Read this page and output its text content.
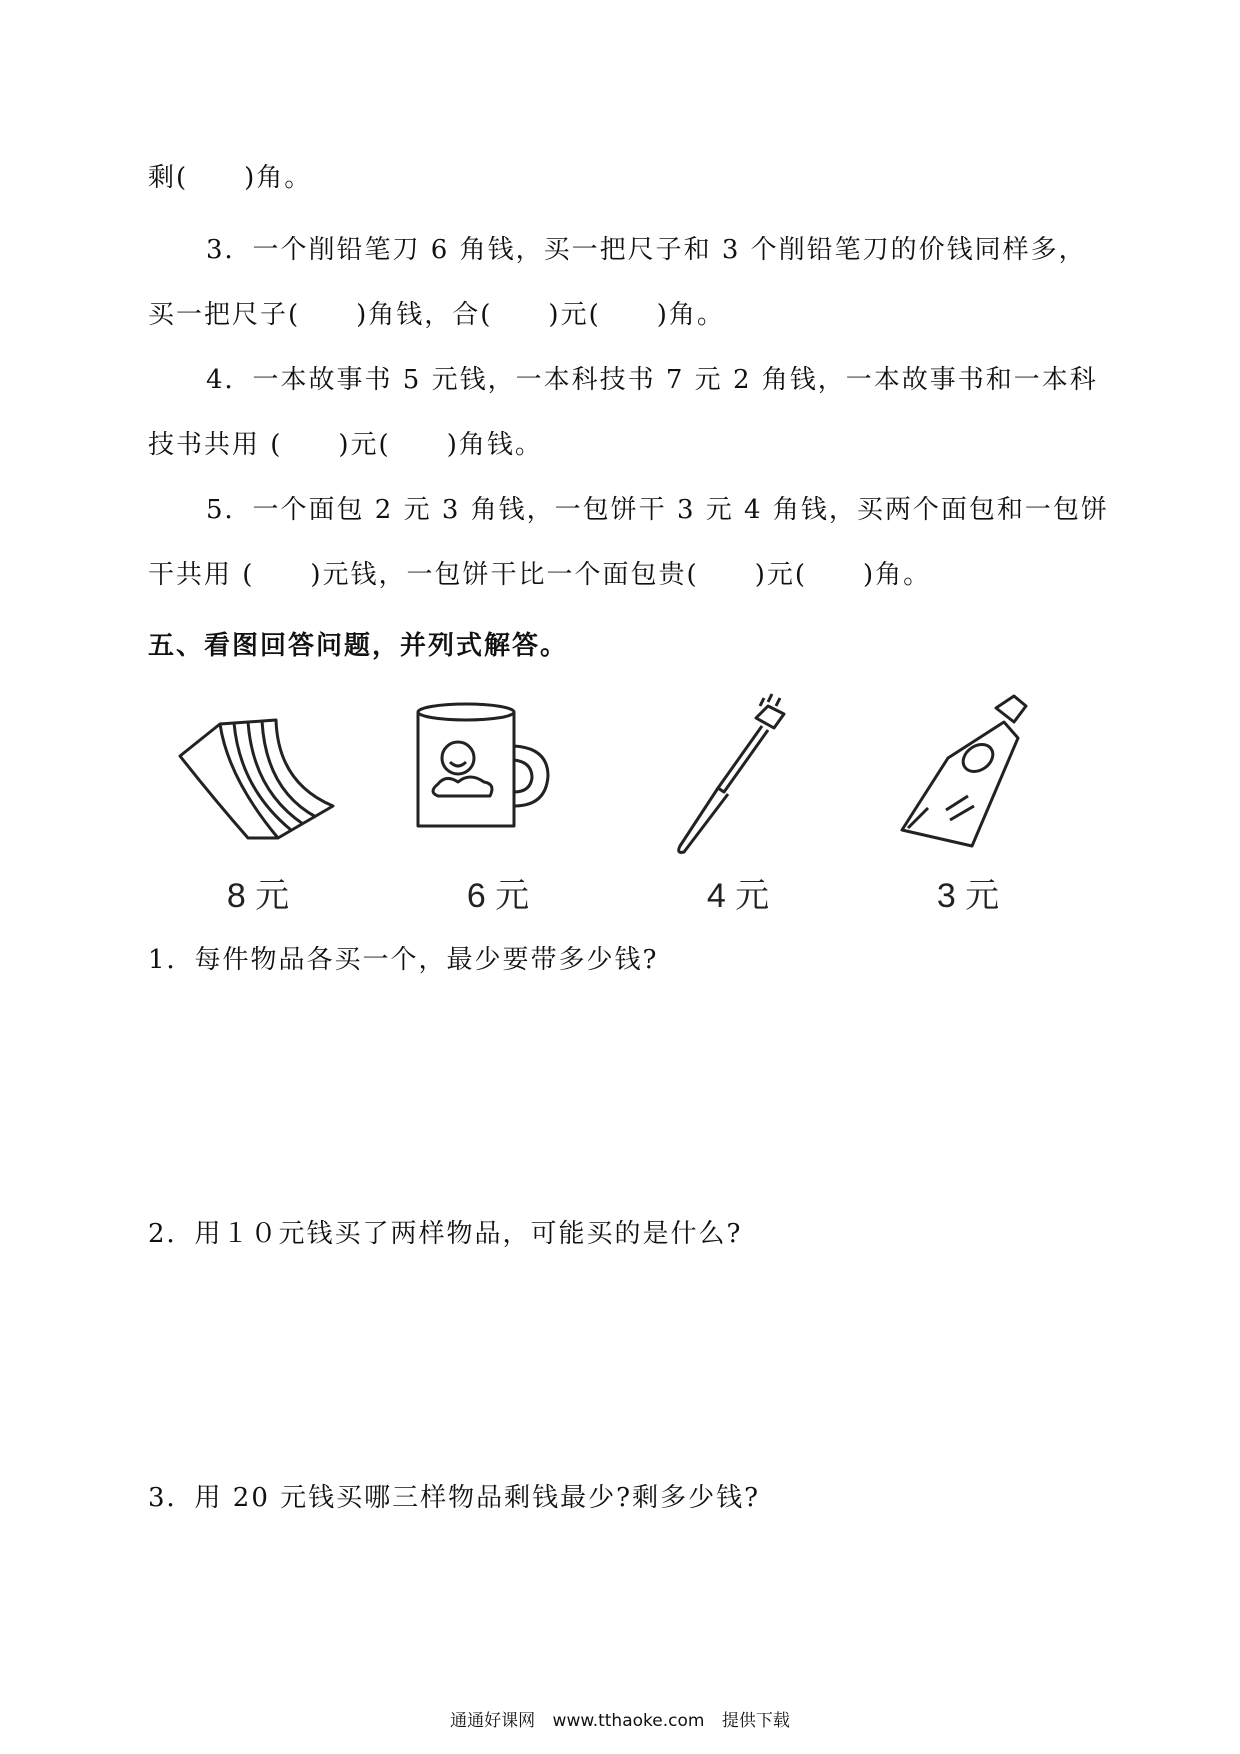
剩(　　)角。
3．一个削铅笔刀 6 角钱，买一把尺子和 3 个削铅笔刀的价钱同样多，
买一把尺子(　　)角钱，合(　　)元(　　)角。
4．一本故事书 5 元钱，一本科技书 7 元 2 角钱，一本故事书和一本科
技书共用 (　　)元(　　)角钱。
5．一个面包 2 元 3 角钱，一包饼干 3 元 4 角钱，买两个面包和一包饼
干共用 (　　)元钱，一包饼干比一个面包贵(　　)元(　　)角。
五、看图回答问题，并列式解答。
8 元	6 元	4 元	3 元
1．每件物品各买一个，最少要带多少钱?
2．用１０元钱买了两样物品，可能买的是什么?
3．用 20 元钱买哪三样物品剩钱最少?剩多少钱?
通通好课网 www.tthaoke.com 提供下载
